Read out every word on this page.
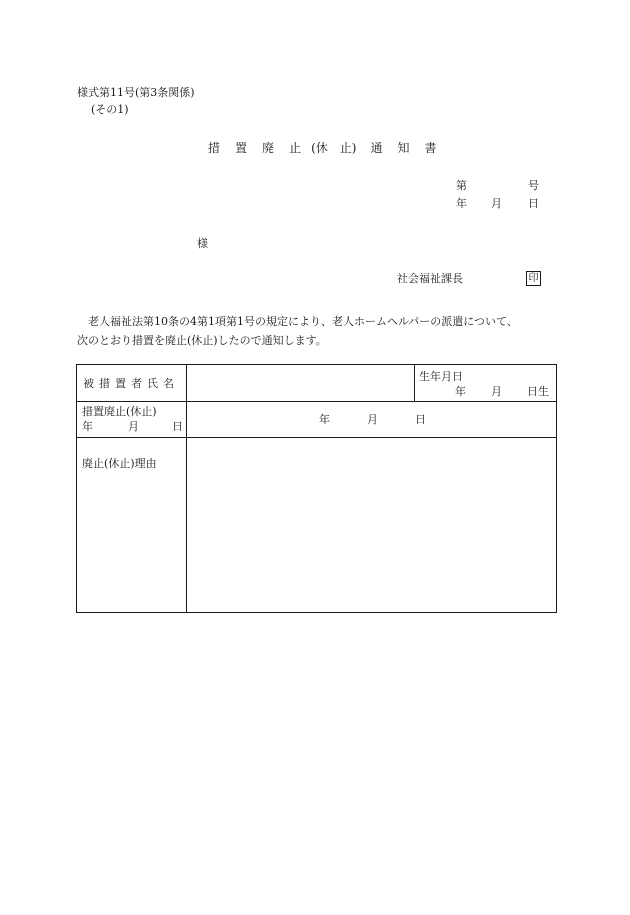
様式第11号(第3条関係)
(その1)
措 置 廃 止 (休 止) 通 知 書
第	号
年 月 日
様
社会福祉課長	印
老人福祉法第10条の4第1項第1号の規定により、老人ホームヘルパーの派遣について、
次のとおり措置を廃止(休止)したので通知します。
被措置者氏名		生年月日
年 月 日生

措置廃止(休止)
年 月 日	年 月 日	

廃止(休止)理由		
